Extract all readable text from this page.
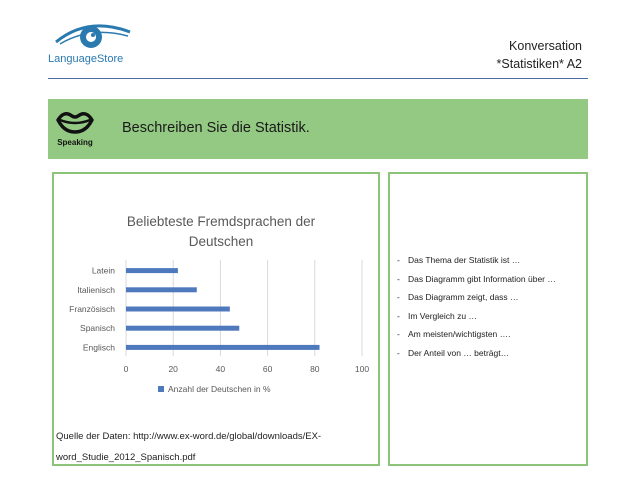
LanguageStore
Konversation
*Statistiken* A2
Speaking
Beschreiben Sie die Statistik.
Beliebteste Fremdsprachen der Deutschen
0	20	40	60	80	100
Latein
Italienisch
Französisch
Spanisch
Englisch
Anzahl der Deutschen in %
Quelle der Daten: http://www.ex-word.de/global/downloads/EX-
word_Studie_2012_Spanisch.pdf
- Das Thema der Statistik ist …
- Das Diagramm gibt Information über …
- Das Diagramm zeigt, dass …
- Im Vergleich zu …
- Am meisten/wichtigsten ….
- Der Anteil von … beträgt…
